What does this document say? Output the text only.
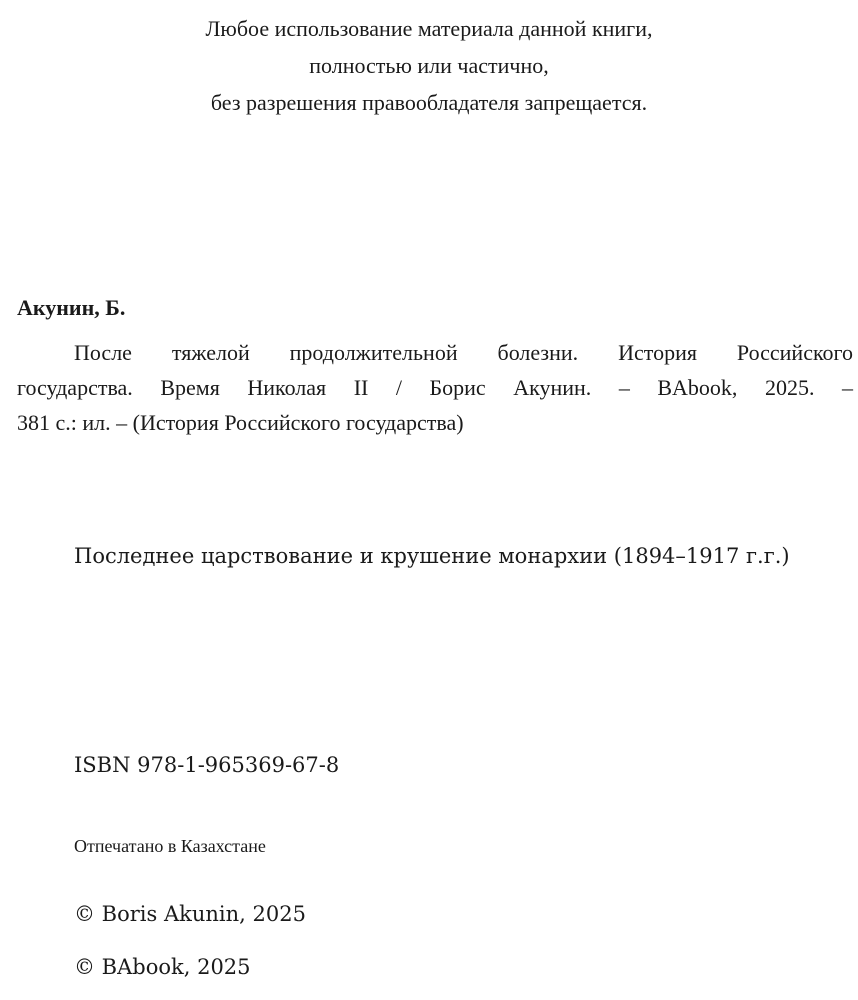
Любое использование материала данной книги,
полностью или частично,
без разрешения правообладателя запрещается.
Акунин, Б.
После тяжелой продолжительной болезни. История Российского
государства. Время Николая II / Борис Акунин. – BAbook, 2025. –
381 с.: ил. – (История Российского государства)
Последнее царствование и крушение монархии (1894–1917 г.г.)
ISBN 978-1-965369-67-8
Отпечатано в Казахстане
© Boris Akunin, 2025
© BAbook, 2025
